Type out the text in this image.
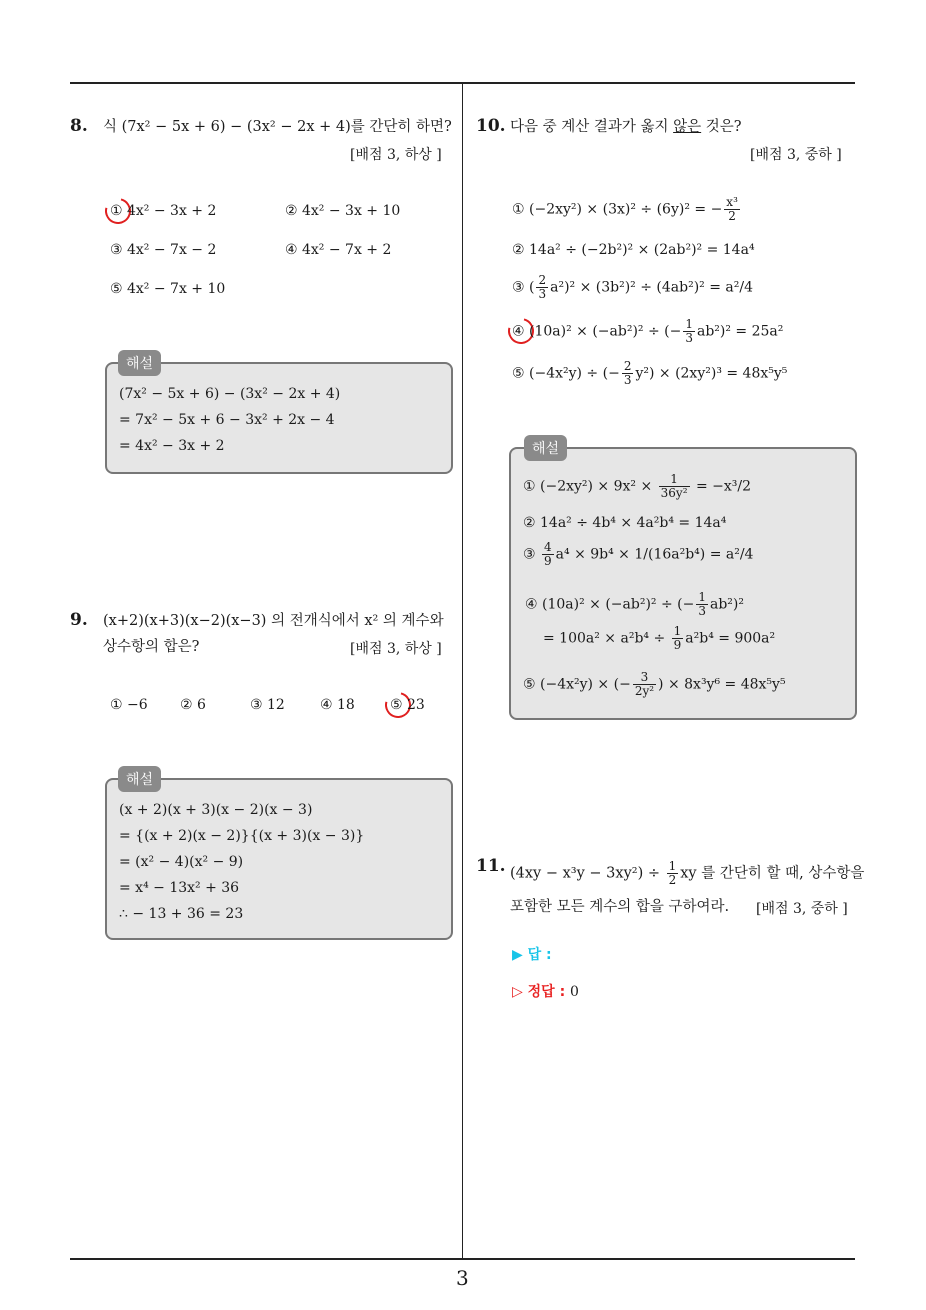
8. 식 (7x² − 5x + 6) − (3x² − 2x + 4)를 간단히 하면?
[배점 3, 하상 ]
① 4x² − 3x + 2	② 4x² − 3x + 10
③ 4x² − 7x − 2	④ 4x² − 7x + 2
⑤ 4x² − 7x + 10
(7x² − 5x + 6) − (3x² − 2x + 4)
= 7x² − 5x + 6 − 3x² + 2x − 4
= 4x² − 3x + 2
해설
9. (x+2)(x+3)(x−2)(x−3) 의 전개식에서 x² 의 계수와
상수항의 합은?	[배점 3, 하상 ]
① −6 ② 6	③ 12	④ 18	⑤ 23
(x + 2)(x + 3)(x − 2)(x − 3)
= {(x + 2)(x − 2)}{(x + 3)(x − 3)}
= (x² − 4)(x² − 9)
= x⁴ − 13x² + 36
∴ − 13 + 36 = 23
해설
10. 다음 중 계산 결과가 옳지 않은 것은?
[배점 3, 중하 ]
① (−2xy²) × (3x)² ÷ (6y)² = − $\frac{\text{x³}}{2}$
② 14a² ÷ (−2b²)² × (2ab²)² = 14a⁴
③ ( $\frac{2}{3} a^2)^2 \times (3b^2)^2 \div (4ab^2)^2 = a^2/4$
④ (10a)² × (−ab²)² ÷ (− $\frac{1}{3} ab^2)^2 = 25a^2$
⑤ (−4x²y) ÷ (− $\frac{2}{3} y^2) \times (2xy^2)^3 = 48x^5y^5$
① $(-2xy^2) \times 9x^2 \times \frac{1}{\text{36y²}} = -x^3/2$
② 14a² ÷ 4b⁴ × 4a²b⁴ = 14a⁴
③ $\frac{4}{9} a^4 \times 9b^4 \times 1/(16a^2b^4) = a^2/4$
④ (10a)² × (−ab²)² ÷ (− $\frac{1}{3} ab^2)^2$
= $100a^2 \times a^2b^4 \div \frac{1}{9} a^2b^4 = 900a^2$
⑤ (−4x²y) × (− $\frac{3}{\text{2y²}}$ ) × 8x³y⁶ = 48x⁵y⁵
해설
11. $(4xy - x^3y - 3xy^2) \div \frac{1}{2}$ xy 를 간단히 할 때, 상수항을
포함한 모든 계수의 합을 구하여라. [배점 3, 중하 ]
▶ 답 :
▷ 정답 : 0
3
